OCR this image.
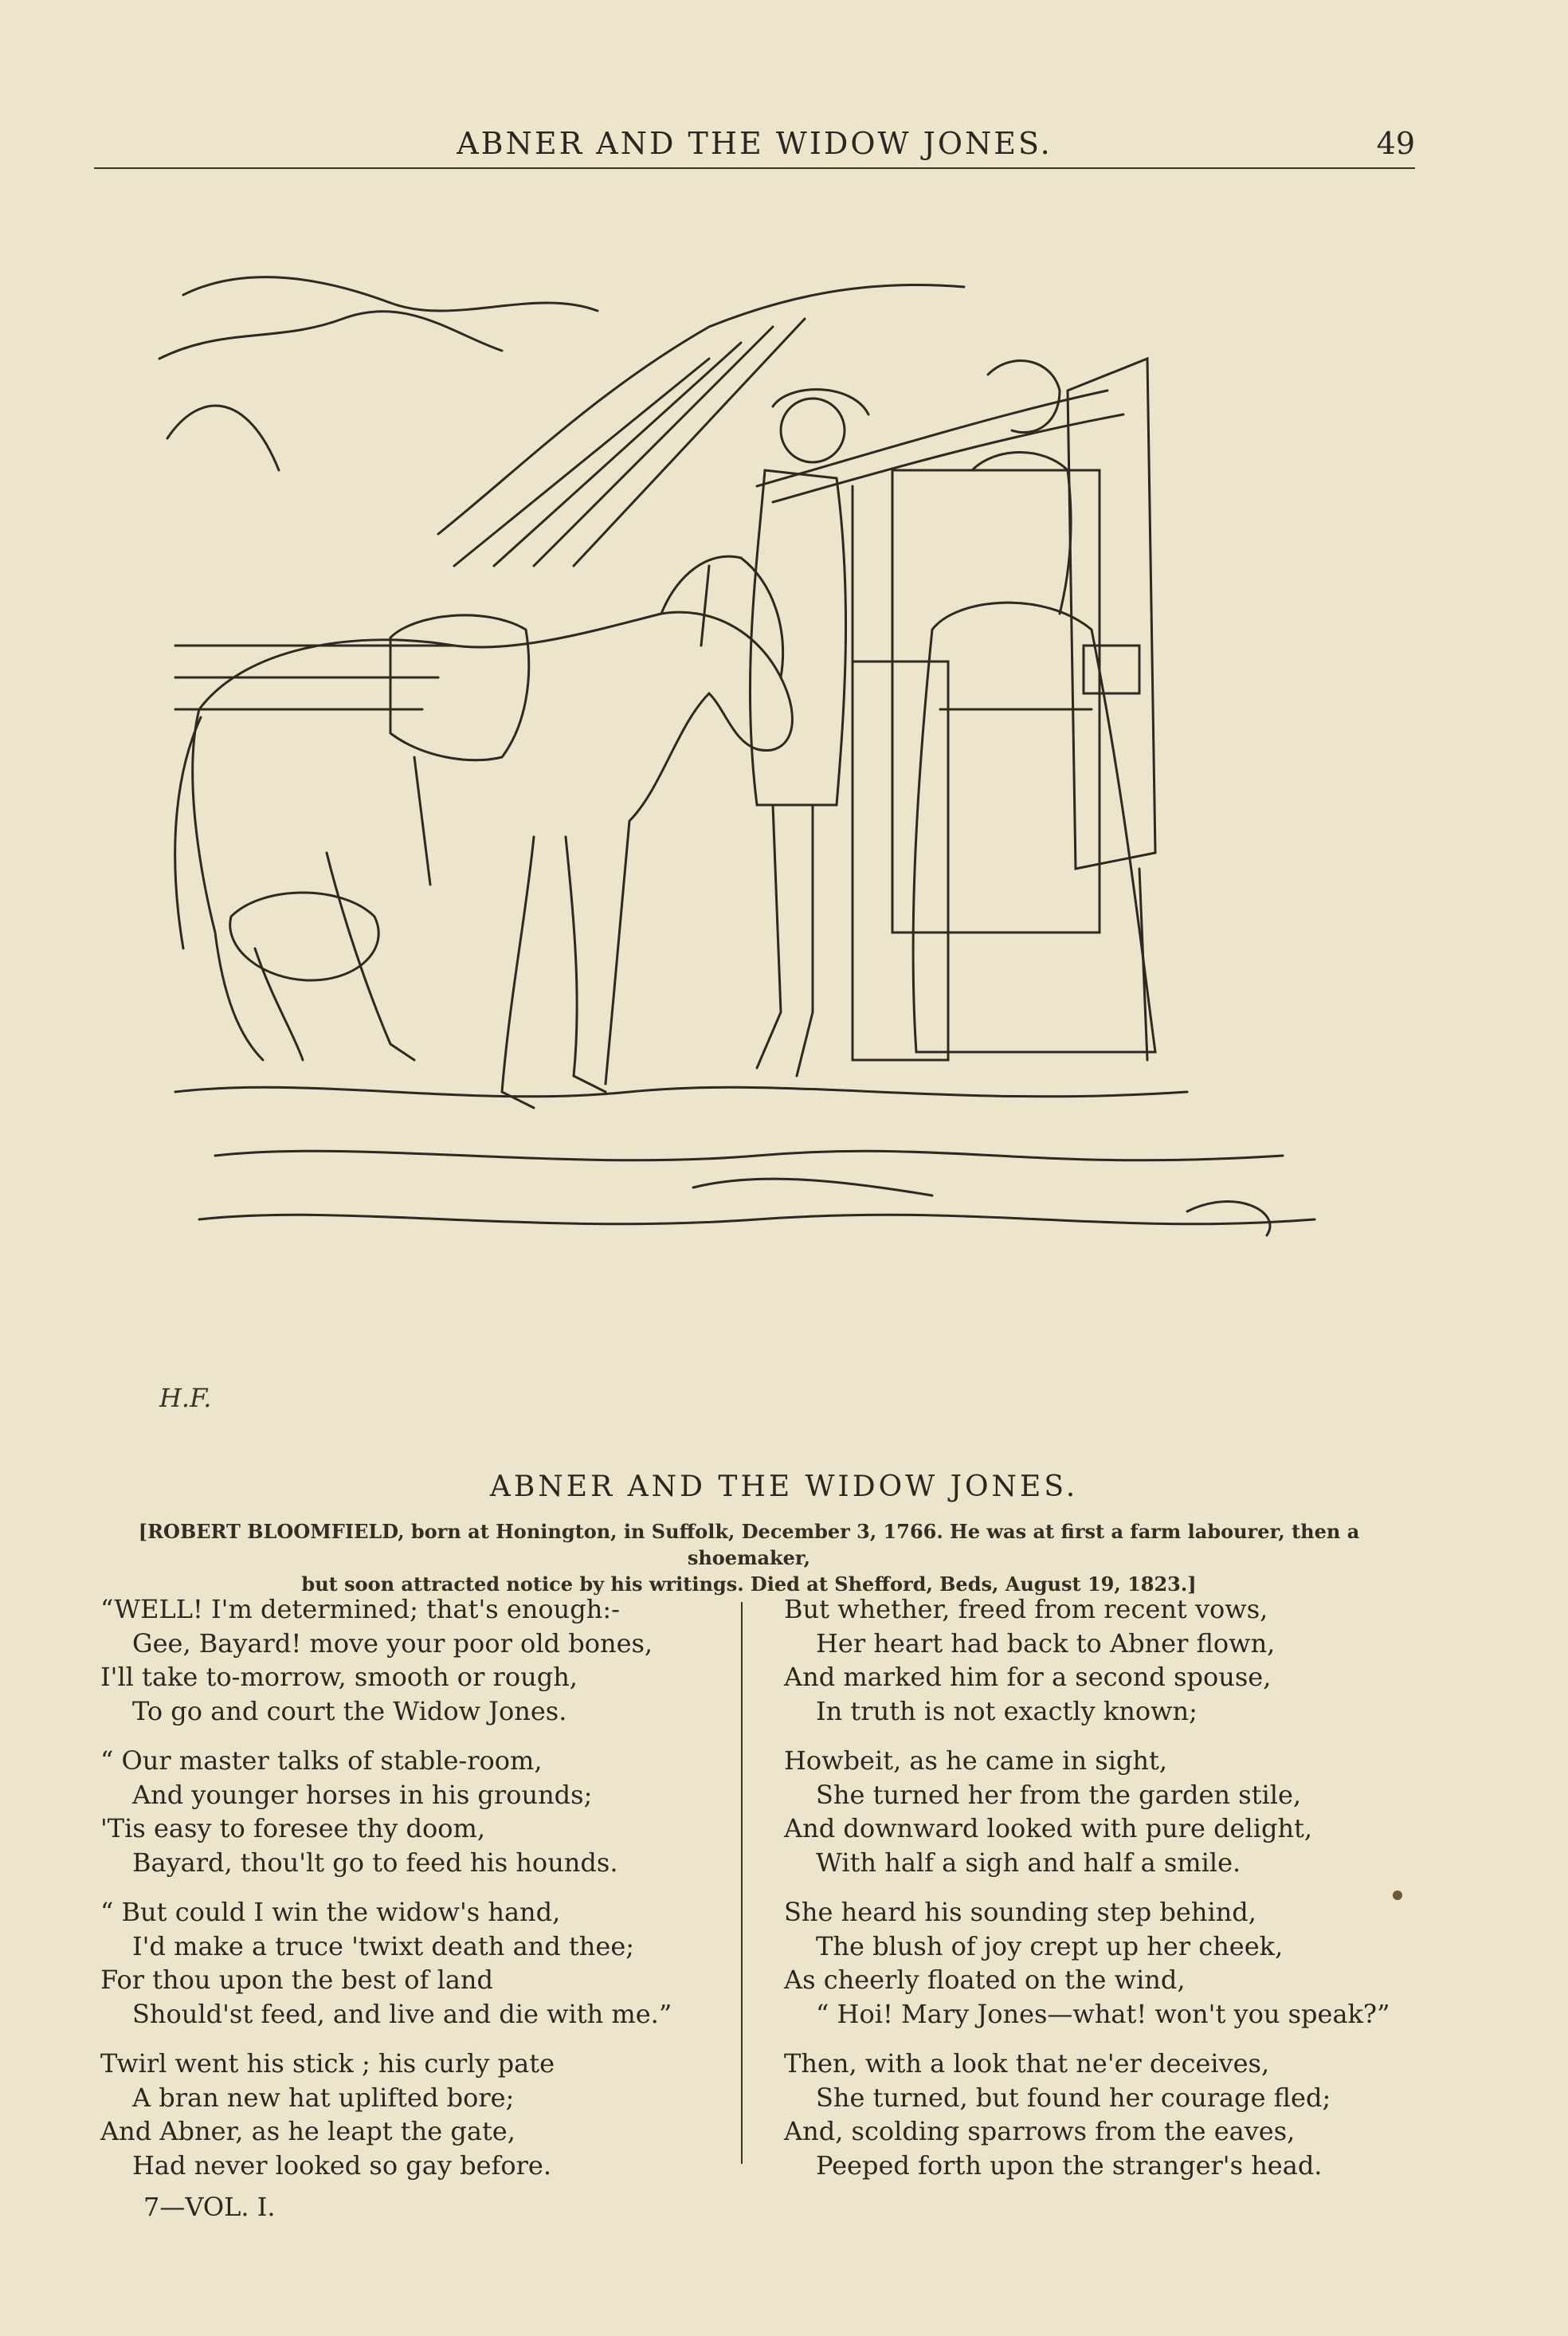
ABNER AND THE WIDOW JONES.	49
H.F.
ABNER AND THE WIDOW JONES.
[ROBERT BLOOMFIELD, born at Honington, in Suffolk, December 3, 1766. He was at first a farm labourer, then a shoemaker,
but soon attracted notice by his writings. Died at Shefford, Beds, August 19, 1823.]
“WELL! I'm determined; that's enough:-
Gee, Bayard! move your poor old bones,
I'll take to-morrow, smooth or rough,
To go and court the Widow Jones.
“ Our master talks of stable-room,
And younger horses in his grounds;
'Tis easy to foresee thy doom,
Bayard, thou'lt go to feed his hounds.
“ But could I win the widow's hand,
I'd make a truce 'twixt death and thee;
For thou upon the best of land
Should'st feed, and live and die with me.”
Twirl went his stick ; his curly pate
A bran new hat uplifted bore;
And Abner, as he leapt the gate,
Had never looked so gay before.
7—VOL. I.
But whether, freed from recent vows,
Her heart had back to Abner flown,
And marked him for a second spouse,
In truth is not exactly known;
Howbeit, as he came in sight,
She turned her from the garden stile,
And downward looked with pure delight,
With half a sigh and half a smile.
She heard his sounding step behind,
The blush of joy crept up her cheek,
As cheerly floated on the wind,
“ Hoi! Mary Jones—what! won't you speak?”
Then, with a look that ne'er deceives,
She turned, but found her courage fled;
And, scolding sparrows from the eaves,
Peeped forth upon the stranger's head.
